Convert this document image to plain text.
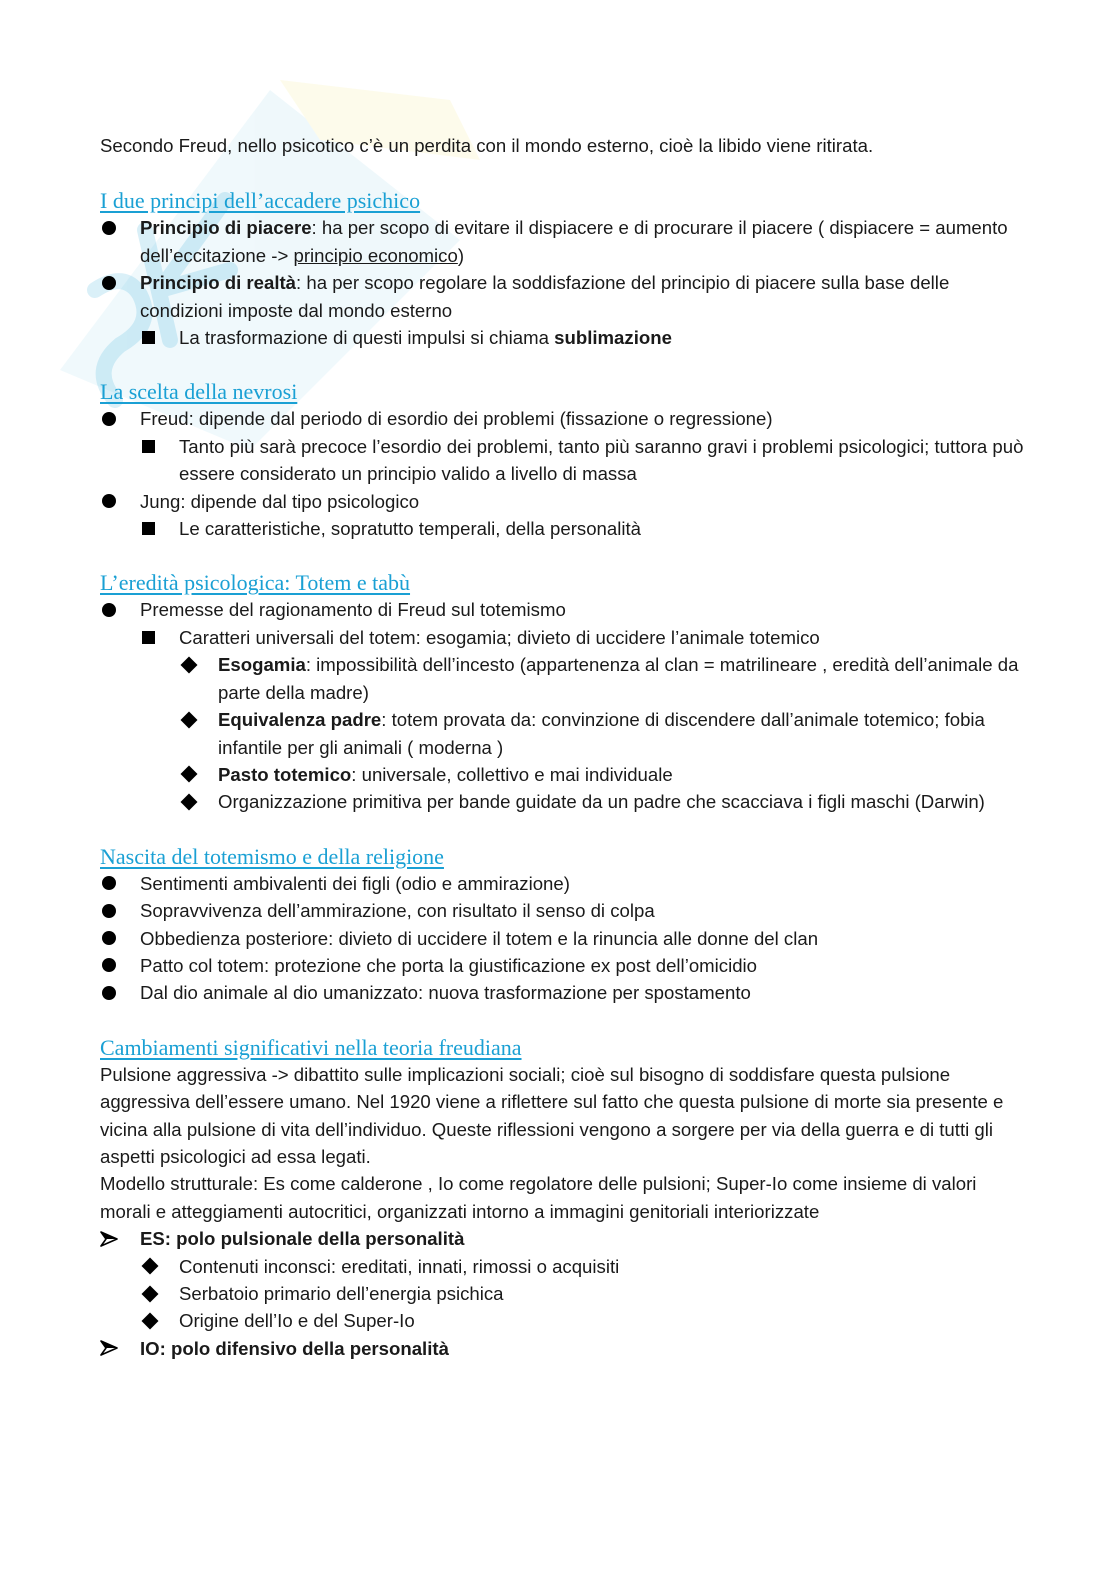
Secondo Freud, nello psicotico c’è un perdita con il mondo esterno, cioè la libido viene ritirata.

I due principi dell’accadere psichico
Principio di piacere: ha per scopo di evitare il dispiacere e di procurare il piacere ( dispiacere = aumento dell’eccitazione -> principio economico)
Principio di realtà: ha per scopo regolare la soddisfazione del principio di piacere sulla base delle condizioni imposte dal mondo esterno
La trasformazione di questi impulsi si chiama sublimazione
La scelta della nevrosi
Freud: dipende dal periodo di esordio dei problemi (fissazione o regressione)
Tanto più sarà precoce l’esordio dei problemi, tanto più saranno gravi i problemi psicologici; tuttora può essere considerato un principio valido a livello di massa
Jung: dipende dal tipo psicologico
Le caratteristiche, sopratutto temperali, della personalità
L’eredità psicologica: Totem e tabù
Premesse del ragionamento di Freud sul totemismo
Caratteri universali del totem: esogamia; divieto di uccidere l’animale totemico
Esogamia: impossibilità dell’incesto (appartenenza al clan = matrilineare , eredità dell’animale da parte della madre)
Equivalenza padre: totem provata da: convinzione di discendere dall’animale totemico; fobia infantile per gli animali ( moderna )
Pasto totemico: universale, collettivo e mai individuale
Organizzazione primitiva per bande guidate da un padre che scacciava i figli maschi (Darwin)
Nascita del totemismo e della religione
Sentimenti ambivalenti dei figli (odio e ammirazione)
Sopravvivenza dell’ammirazione, con risultato il senso di colpa
Obbedienza posteriore: divieto di uccidere il totem e la rinuncia alle donne del clan
Patto col totem: protezione che porta la giustificazione ex post dell’omicidio
Dal dio animale al dio umanizzato: nuova trasformazione per spostamento
Cambiamenti significativi nella teoria freudiana

Pulsione aggressiva -> dibattito sulle implicazioni sociali; cioè sul bisogno di soddisfare questa pulsione aggressiva dell’essere umano. Nel 1920 viene a riflettere sul fatto che questa pulsione di morte sia presente e vicina alla pulsione di vita dell’individuo. Queste riflessioni vengono a sorgere per via della guerra e di tutti gli aspetti psicologici ad essa legati.

Modello strutturale: Es come calderone , Io come regolatore delle pulsioni; Super-Io come insieme di valori morali e atteggiamenti autocritici, organizzati intorno a immagini genitoriali interiorizzate

ES: polo pulsionale della personalità
Contenuti inconsci: ereditati, innati, rimossi o acquisiti
Serbatoio primario dell’energia psichica
Origine dell’Io e del Super-Io
IO: polo difensivo della personalità
